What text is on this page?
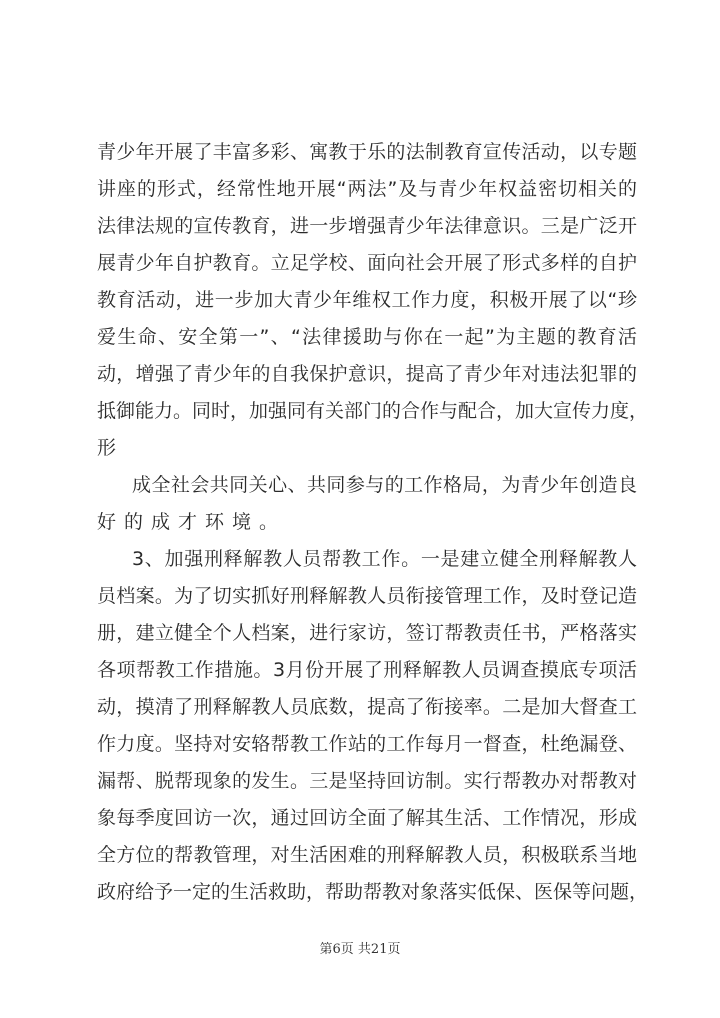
青少年开展了丰富多彩、寓教于乐的法制教育宣传活动，以专题
讲座的形式，经常性地开展“两法”及与青少年权益密切相关的
法律法规的宣传教育，进一步增强青少年法律意识。三是广泛开
展青少年自护教育。立足学校、面向社会开展了形式多样的自护
教育活动，进一步加大青少年维权工作力度，积极开展了以“珍
爱生命、安全第一”、“法律援助与你在一起”为主题的教育活
动，增强了青少年的自我保护意识，提高了青少年对违法犯罪的
抵御能力。同时，加强同有关部门的合作与配合，加大宣传力度，
形
成全社会共同关心、共同参与的工作格局，为青少年创造良
好的成才环境。
3、加强刑释解教人员帮教工作。一是建立健全刑释解教人
员档案。为了切实抓好刑释解教人员衔接管理工作，及时登记造
册，建立健全个人档案，进行家访，签订帮教责任书，严格落实
各项帮教工作措施。3月份开展了刑释解教人员调查摸底专项活
动，摸清了刑释解教人员底数，提高了衔接率。二是加大督查工
作力度。坚持对安辂帮教工作站的工作每月一督查，杜绝漏登、
漏帮、脱帮现象的发生。三是坚持回访制。实行帮教办对帮教对
象每季度回访一次，通过回访全面了解其生活、工作情况，形成
全方位的帮教管理，对生活困难的刑释解教人员，积极联系当地
政府给予一定的生活救助，帮助帮教对象落实低保、医保等问题，
第6页 共21页
